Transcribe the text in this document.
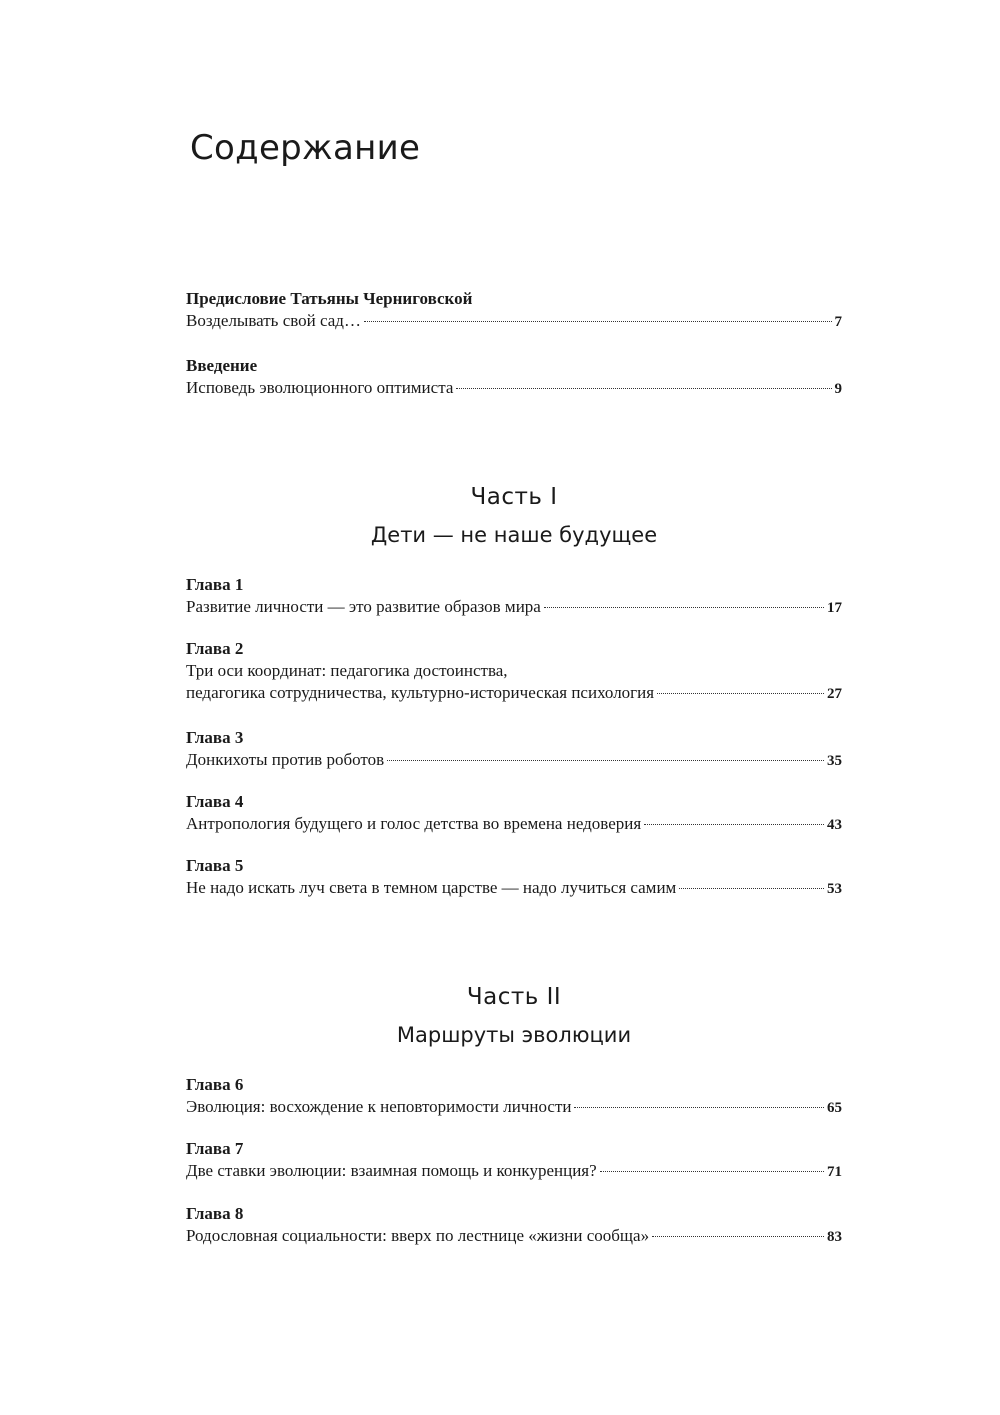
Содержание
Предисловие Татьяны Черниговской
Возделывать свой сад…	7
Введение
Исповедь эволюционного оптимиста	9
Часть I
Дети — не наше будущее
Глава 1
Развитие личности — это развитие образов мира	17
Глава 2
Три оси координат: педагогика достоинства,
педагогика сотрудничества, культурно-историческая психология	27
Глава 3
Донкихоты против роботов	35
Глава 4
Антропология будущего и голос детства во времена недоверия	43
Глава 5
Не надо искать луч света в темном царстве — надо лучиться самим	53
Часть II
Маршруты эволюции
Глава 6
Эволюция: восхождение к неповторимости личности	65
Глава 7
Две ставки эволюции: взаимная помощь и конкуренция?	71
Глава 8
Родословная социальности: вверх по лестнице «жизни сообща»	83
